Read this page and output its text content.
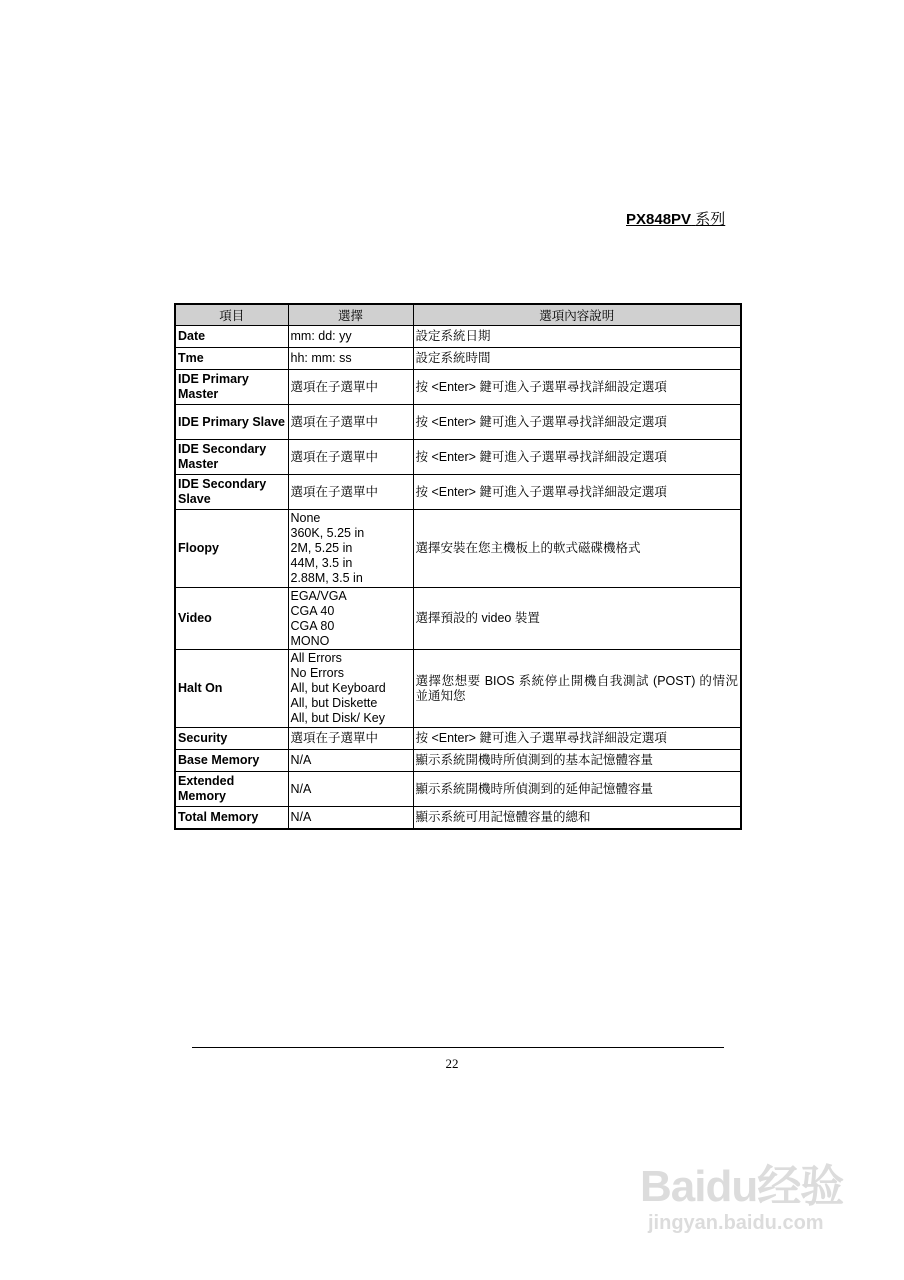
PX848PV 系列
項目	選擇	選項內容說明
Date	mm: dd: yy	設定系統日期
Tme	hh: mm: ss	設定系統時間
IDE Primary Master	選項在子選單中	按 <Enter> 鍵可進入子選單尋找詳細設定選項
IDE Primary Slave	選項在子選單中	按 <Enter> 鍵可進入子選單尋找詳細設定選項
IDE Secondary Master	選項在子選單中	按 <Enter> 鍵可進入子選單尋找詳細設定選項
IDE Secondary Slave	選項在子選單中	按 <Enter> 鍵可進入子選單尋找詳細設定選項
Floopy	None
360K, 5.25 in
2M, 5.25 in
44M, 3.5 in
2.88M, 3.5 in	選擇安裝在您主機板上的軟式磁碟機格式
Video	EGA/VGA
CGA 40
CGA 80
MONO	選擇預設的 video 裝置
Halt On	All Errors
No Errors
All, but Keyboard
All, but Diskette
All, but Disk/ Key	選擇您想要 BIOS 系統停止開機自我測試 (POST) 的情況並通知您
Security	選項在子選單中	按 <Enter> 鍵可進入子選單尋找詳細設定選項
Base Memory	N/A	顯示系統開機時所偵測到的基本記憶體容量
Extended Memory	N/A	顯示系統開機時所偵測到的延伸記憶體容量
Total Memory	N/A	顯示系統可用記憶體容量的總和
22
Baidu经验
jingyan.baidu.com
